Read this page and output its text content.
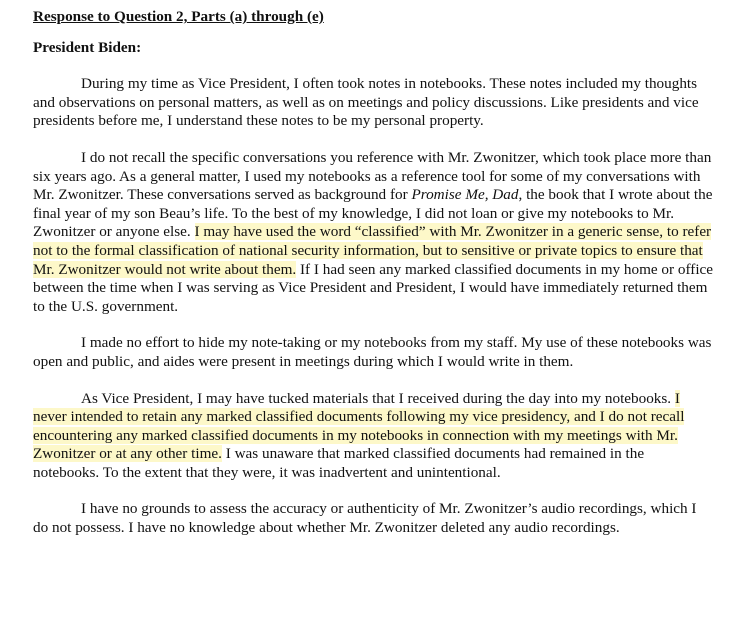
Response to Question 2, Parts (a) through (e)
President Biden:

During my time as Vice President, I often took notes in notebooks. These notes included my thoughts and observations on personal matters, as well as on meetings and policy discussions. Like presidents and vice presidents before me, I understand these notes to be my personal property.

I do not recall the specific conversations you reference with Mr. Zwonitzer, which took place more than six years ago. As a general matter, I used my notebooks as a reference tool for some of my conversations with Mr. Zwonitzer. These conversations served as background for Promise Me, Dad, the book that I wrote about the final year of my son Beau’s life. To the best of my knowledge, I did not loan or give my notebooks to Mr. Zwonitzer or anyone else. I may have used the word “classified” with Mr. Zwonitzer in a generic sense, to refer not to the formal classification of national security information, but to sensitive or private topics to ensure that Mr. Zwonitzer would not write about them. If I had seen any marked classified documents in my home or office between the time when I was serving as Vice President and President, I would have immediately returned them to the U.S. government.

I made no effort to hide my note-taking or my notebooks from my staff. My use of these notebooks was open and public, and aides were present in meetings during which I would write in them.

As Vice President, I may have tucked materials that I received during the day into my notebooks. I never intended to retain any marked classified documents following my vice presidency, and I do not recall encountering any marked classified documents in my notebooks in connection with my meetings with Mr. Zwonitzer or at any other time. I was unaware that marked classified documents had remained in the notebooks. To the extent that they were, it was inadvertent and unintentional.

I have no grounds to assess the accuracy or authenticity of Mr. Zwonitzer’s audio recordings, which I do not possess. I have no knowledge about whether Mr. Zwonitzer deleted any audio recordings.
